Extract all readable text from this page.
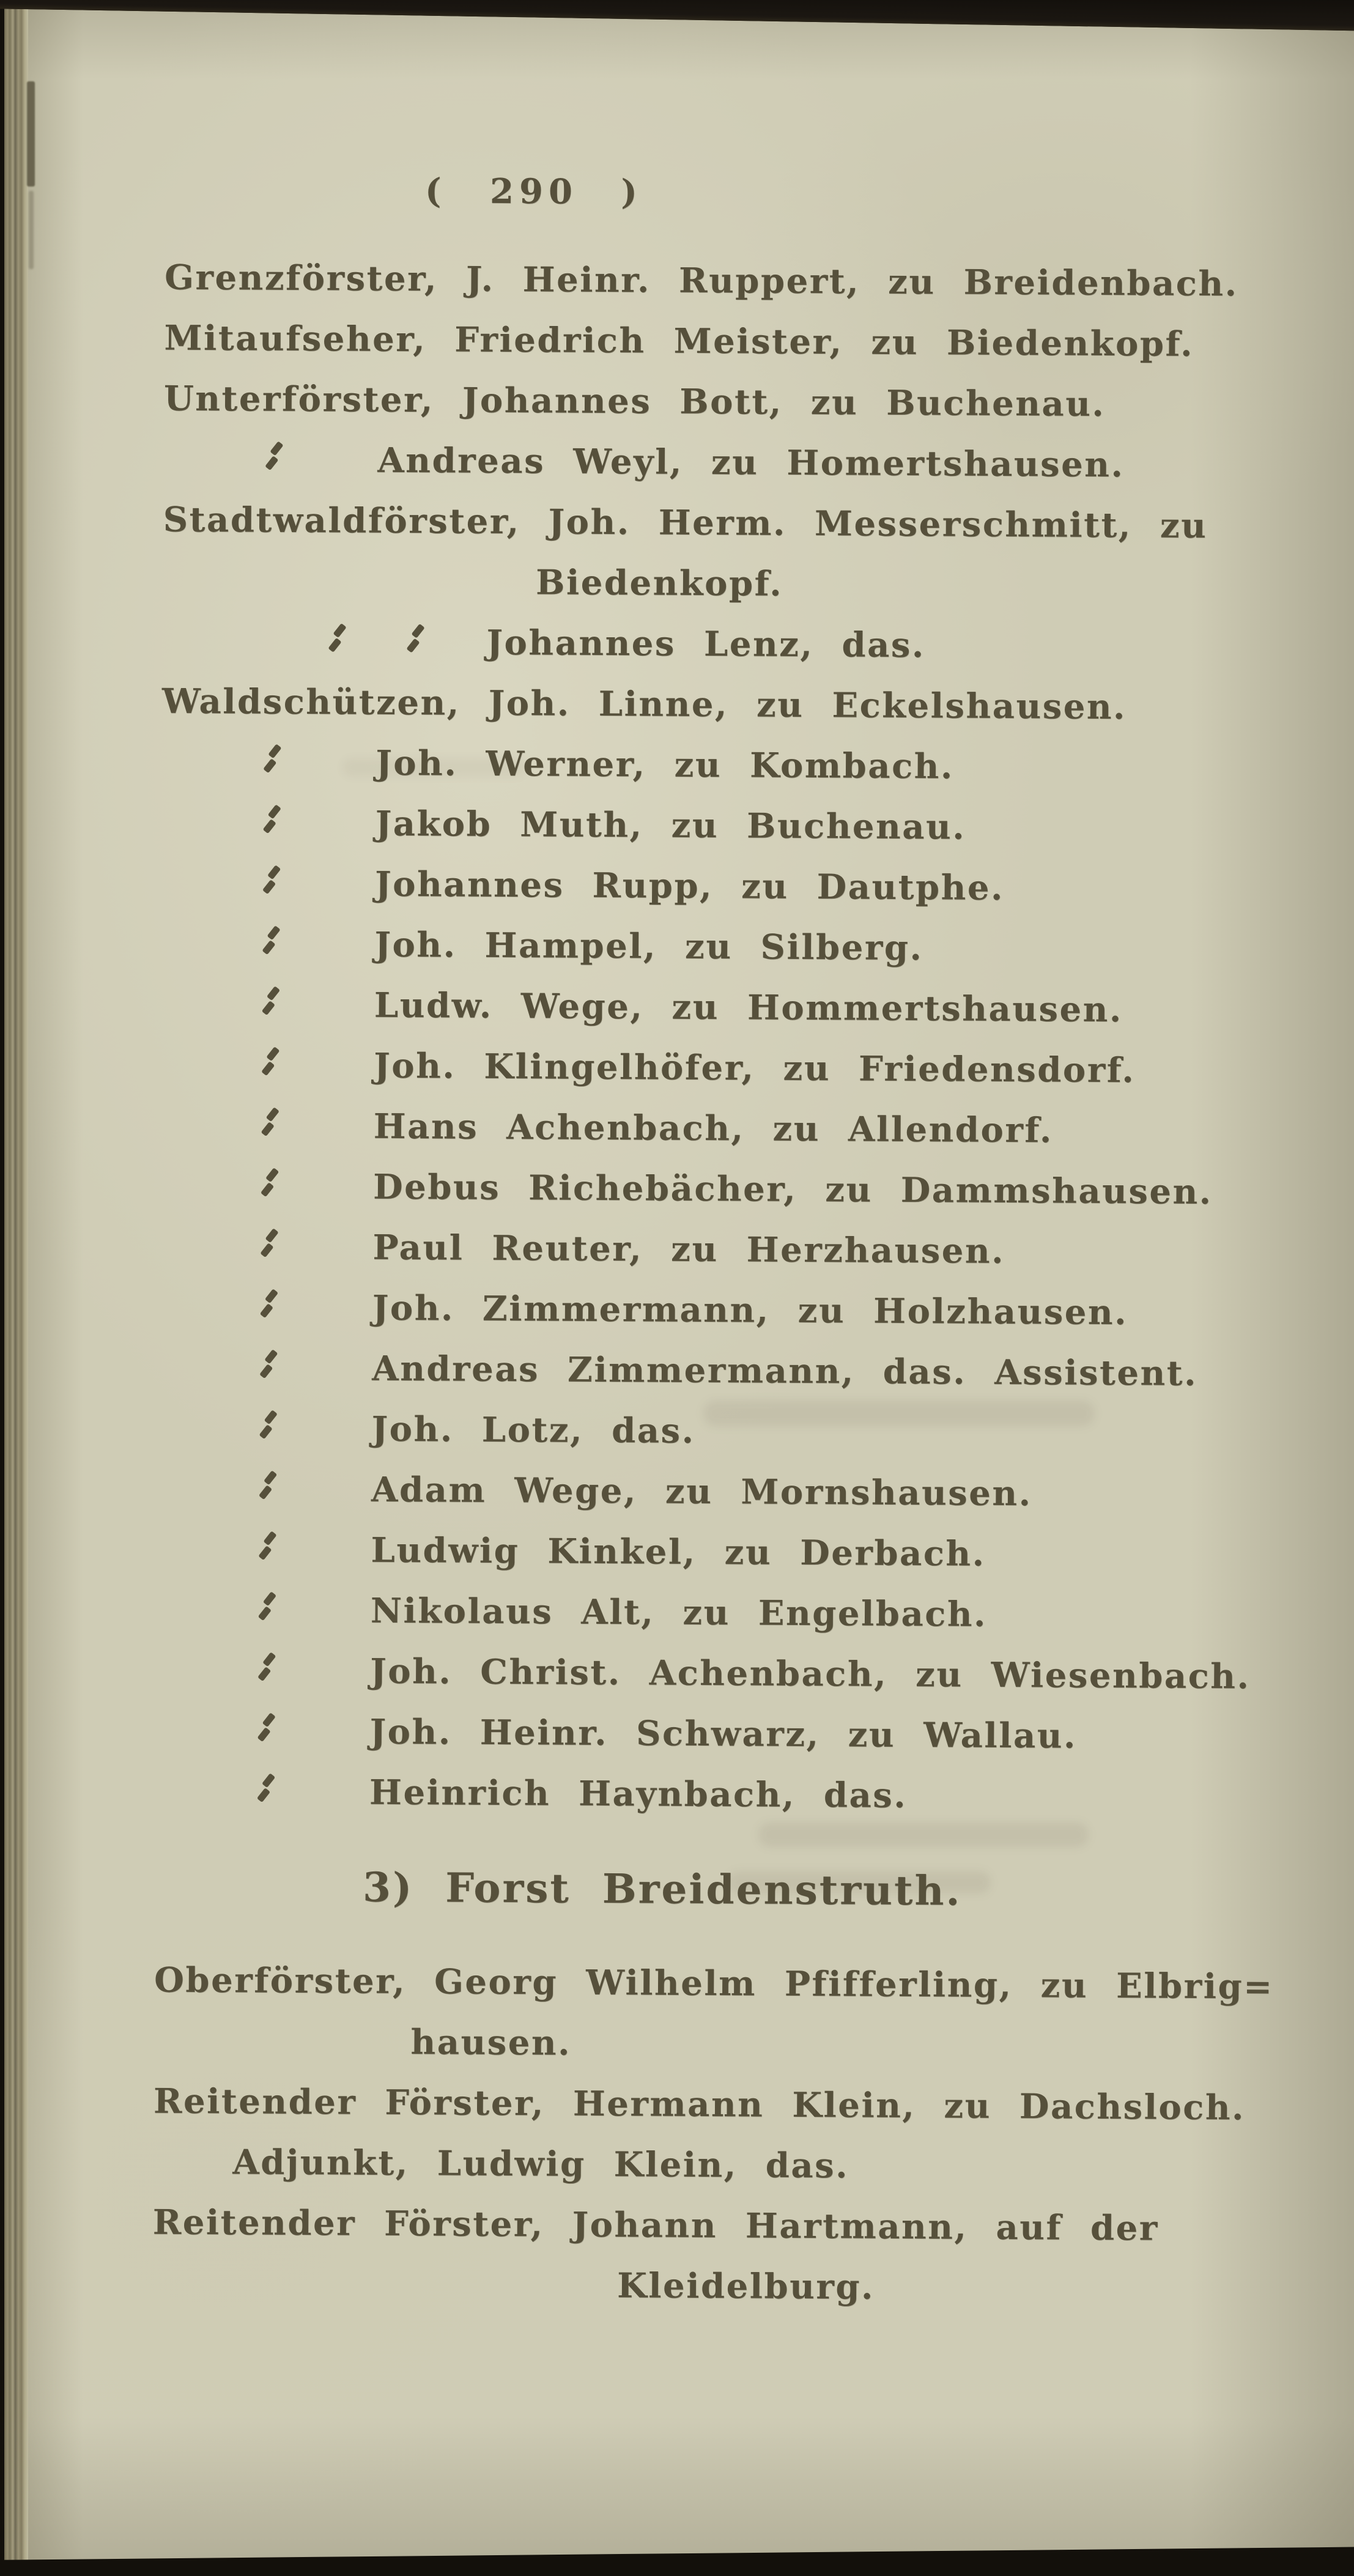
( 290 )
Grenzförster, J. Heinr. Ruppert, zu Breidenbach.
Mitaufseher, Friedrich Meister, zu Biedenkopf.
Unterförster, Johannes Bott, zu Buchenau.
Andreas Weyl, zu Homertshausen.
Stadtwaldförster, Joh. Herm. Messerschmitt, zu
Biedenkopf.
Johannes Lenz, das.
Waldschützen, Joh. Linne, zu Eckelshausen.
Joh. Werner, zu Kombach.
Jakob Muth, zu Buchenau.
Johannes Rupp, zu Dautphe.
Joh. Hampel, zu Silberg.
Ludw. Wege, zu Hommertshausen.
Joh. Klingelhöfer, zu Friedensdorf.
Hans Achenbach, zu Allendorf.
Debus Richebächer, zu Dammshausen.
Paul Reuter, zu Herzhausen.
Joh. Zimmermann, zu Holzhausen.
Andreas Zimmermann, das. Assistent.
Joh. Lotz, das.
Adam Wege, zu Mornshausen.
Ludwig Kinkel, zu Derbach.
Nikolaus Alt, zu Engelbach.
Joh. Christ. Achenbach, zu Wiesenbach.
Joh. Heinr. Schwarz, zu Wallau.
Heinrich Haynbach, das.
3) Forst Breidenstruth.
Oberförster, Georg Wilhelm Pfifferling, zu Elbrig=
hausen.
Reitender Förster, Hermann Klein, zu Dachsloch.
Adjunkt, Ludwig Klein, das.
Reitender Förster, Johann Hartmann, auf der
Kleidelburg.
